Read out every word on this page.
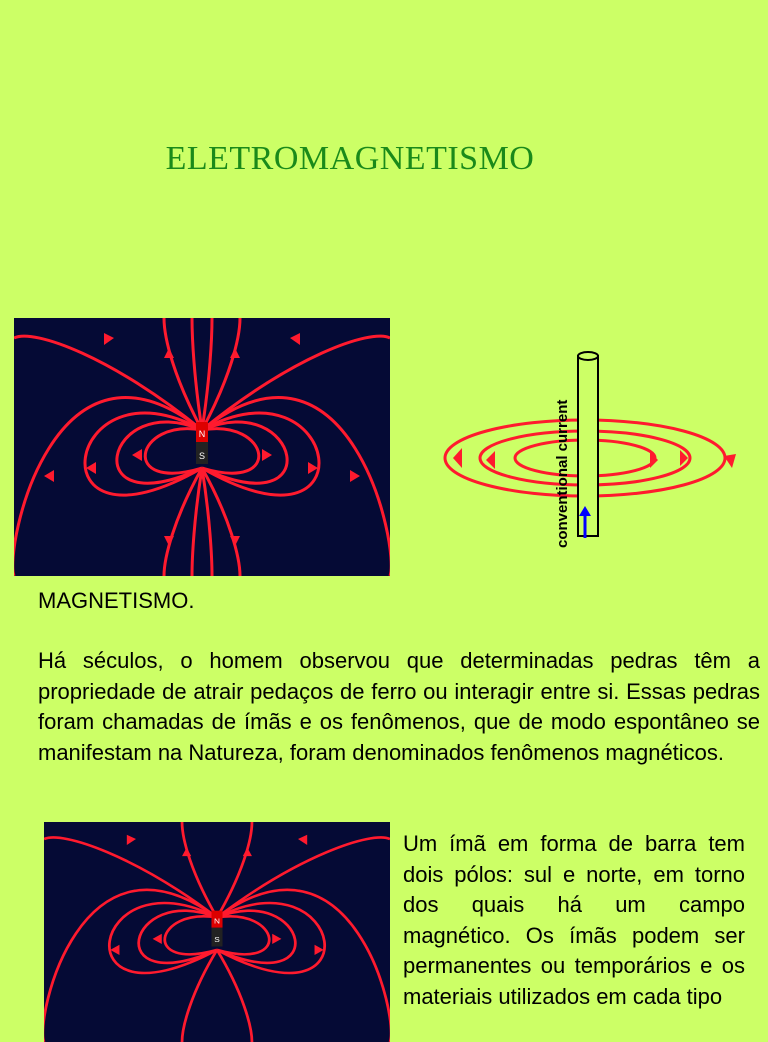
ELETROMAGNETISMO
N
S	conventional current
MAGNETISMO.

Há séculos, o homem observou que determinadas pedras têm a propriedade de atrair pedaços de ferro ou interagir entre si. Essas pedras foram chamadas de ímãs e os fenômenos, que de modo espontâneo se manifestam na Natureza, foram denominados fenômenos magnéticos.

N
S

Um ímã em forma de barra tem dois pólos: sul e norte, em torno dos quais há um campo magnético. Os ímãs podem ser permanentes ou temporários e os materiais utilizados em cada tipo
